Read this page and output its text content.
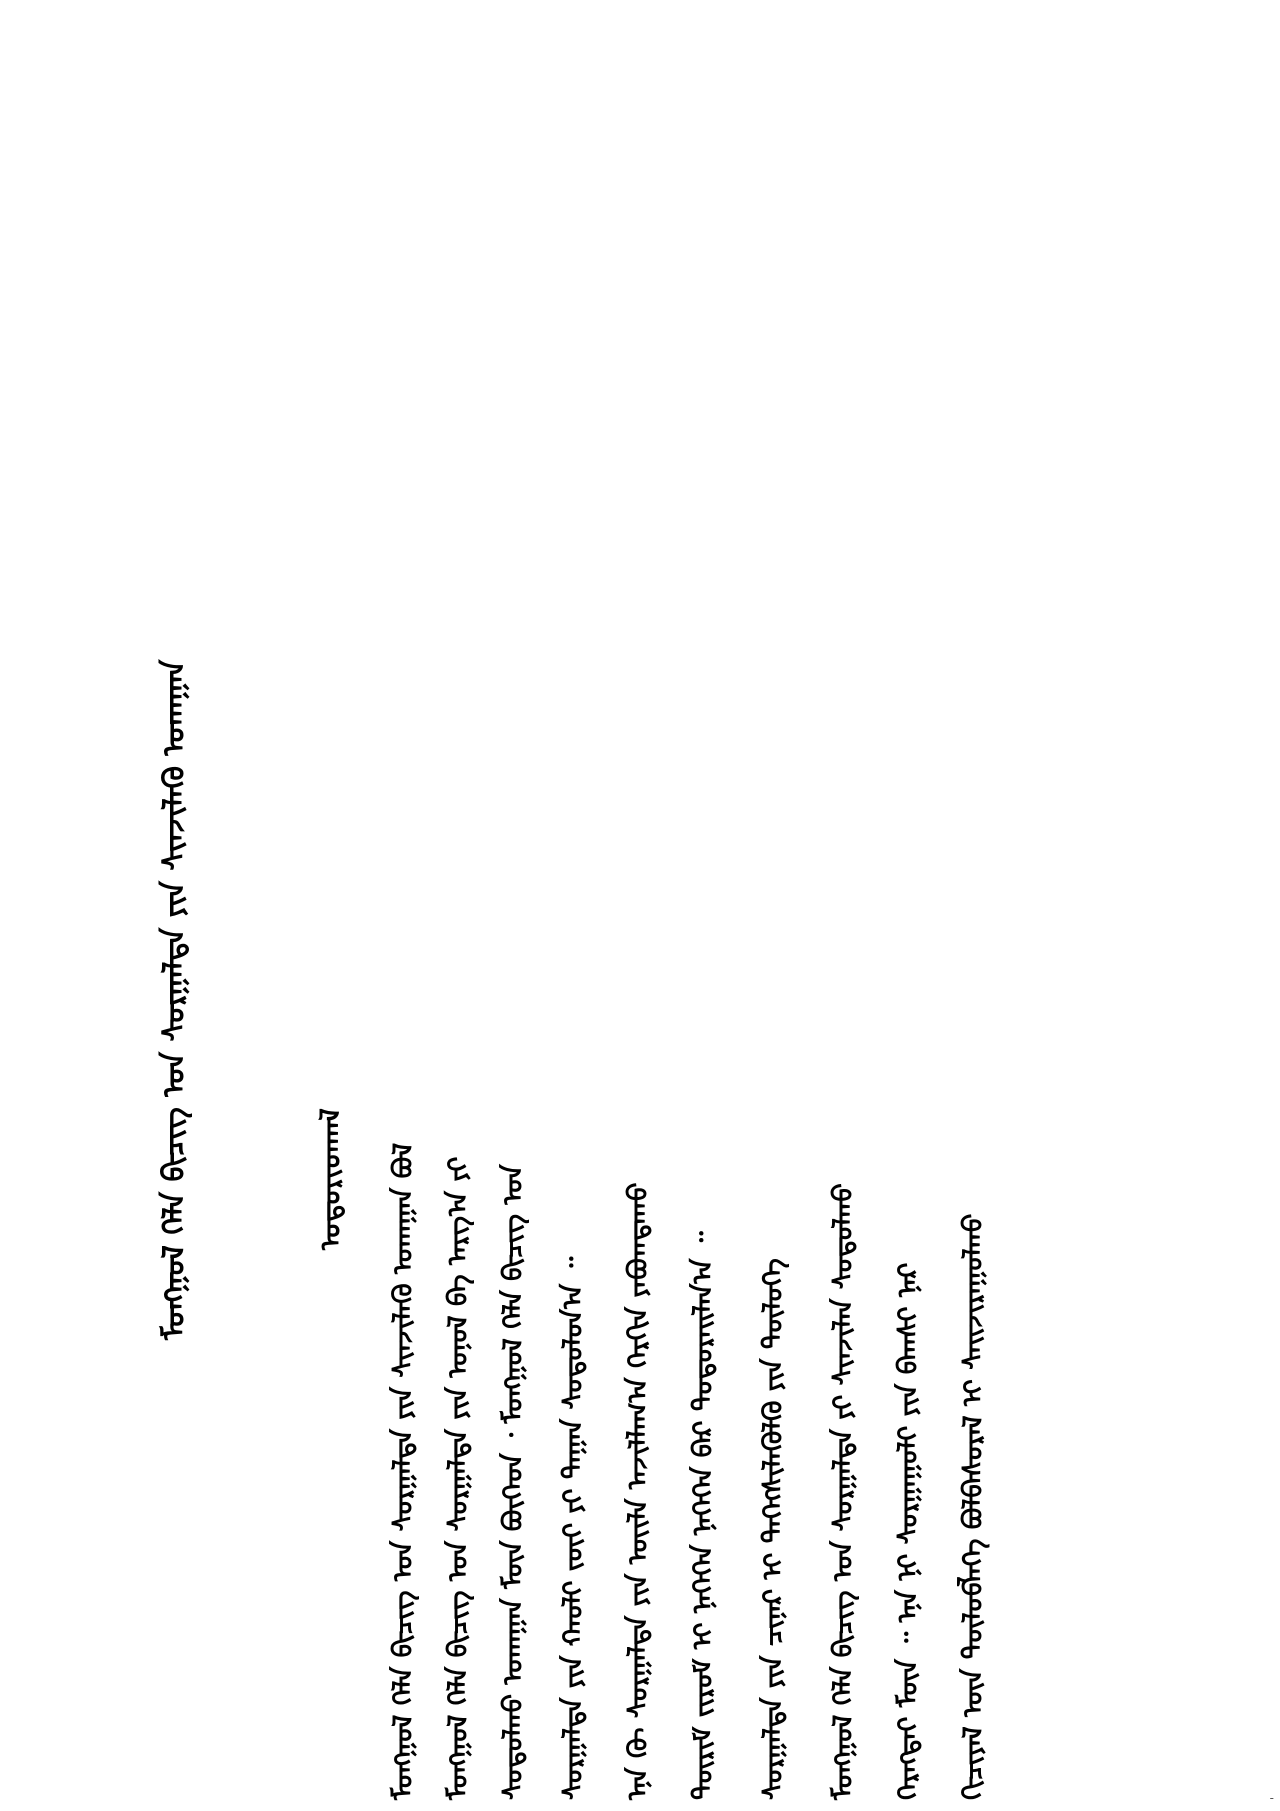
ᠮᠣᠩᠭᠣᠯ ᠬᠡᠯᠡ ᠪᠢᠴᠢᠭ ᠤᠨ ᠰᠤᠷᠭᠠᠯᠲᠠ ᠶᠢᠨ ᠰᠢᠨᠵᠢᠯᠡᠬᠦ ᠤᠬᠠᠭᠠᠨ	ᠤᠳᠤᠷᠢᠳᠬᠠᠯ ᠮᠣᠩᠭᠣᠯ ᠬᠡᠯᠡ ᠪᠢᠴᠢᠭ ᠤᠨ ᠰᠤᠷᠭᠠᠯᠲᠠ ᠶᠢᠨ ᠰᠢᠨᠵᠢᠯᠡᠬᠦ ᠤᠬᠠᠭᠠᠨ ᠪᠣᠯ ᠮᠣᠩᠭᠣᠯ ᠬᠡᠯᠡ ᠪᠢᠴᠢᠭ ᠤᠨ ᠰᠤᠷᠭᠠᠯᠲᠠ ᠶᠢᠨ ᠣᠨᠣᠯ ᠪᠠ ᠠᠷᠭ᠎ᠠ ᠶᠢ ᠰᠣᠳᠤᠯᠬᠤ ᠤᠬᠠᠭᠠᠨ ᠮᠥᠨ ᠪᠥᠭᠡᠳ ᠂ ᠮᠣᠩᠭᠣᠯ ᠬᠡᠯᠡ ᠪᠢᠴᠢᠭ ᠤᠨ ᠰᠤᠷᠭᠠᠯᠲᠠ ᠶᠢᠨ ᠬᠠᠤᠯᠢ ᠵᠦᠢ ᠶᠢ ᠳᠠᠭᠠᠨ ᠰᠤᠳᠤᠯᠤᠨ᠎ᠠ ᠃ ᠡᠨᠡ ᠬᠦ ᠰᠤᠷᠭᠠᠯᠲᠠ ᠶᠢᠨ ᠦᠢᠯᠡ ᠠᠵᠢᠯᠯᠠᠭ᠎ᠠ ᠬᠡᠷᠬᠢᠨ ᠶᠠᠪᠤᠭᠳᠠᠬᠤ ᠳᠦᠷᠢᠮ ᠵᠢᠷᠤᠮ ᠢ ᠨᠡᠭᠡᠭᠡᠨ ᠨᠡᠭᠡᠭᠡᠨ ᠪᠠᠷ ᠲᠣᠳᠣᠷᠠᠢᠯᠠᠨ᠎ᠠ ᠃ ᠰᠤᠷᠭᠠᠯᠲᠠ ᠶᠢᠨ ᠴᠢᠨᠠᠷ ᠢ ᠳᠡᠭᠡᠭᠰᠢᠯᠡᠭᠦᠯᠬᠦ ᠶᠢᠨ ᠲᠥᠯᠦᠭᠡ ᠮᠣᠩᠭᠣᠯ ᠬᠡᠯᠡ ᠪᠢᠴᠢᠭ ᠤᠨ ᠰᠤᠷᠭᠠᠯᠲᠠ ᠶᠢ ᠰᠢᠨᠵᠢᠯᠡᠨ ᠰᠣᠳᠤᠯᠬᠤ ᠬᠡᠷᠡᠭᠲᠡᠢ ᠮᠥᠨ ᠃ ᠡᠨᠡ ᠨᠢ ᠰᠤᠷᠭᠠᠭᠤᠯᠢ ᠶᠢᠨ ᠪᠠᠭᠰᠢ ᠨᠠᠷ ᠬᠢᠴᠢᠶᠡᠯ ᠦᠨ ᠲᠥᠯᠥᠪᠯᠡᠭᠡ ᠪᠣᠯᠪᠠᠰᠤᠷᠠᠯ ᠢ ᠰᠠᠢᠵᠢᠷᠠᠭᠤᠯᠬᠤ	-
